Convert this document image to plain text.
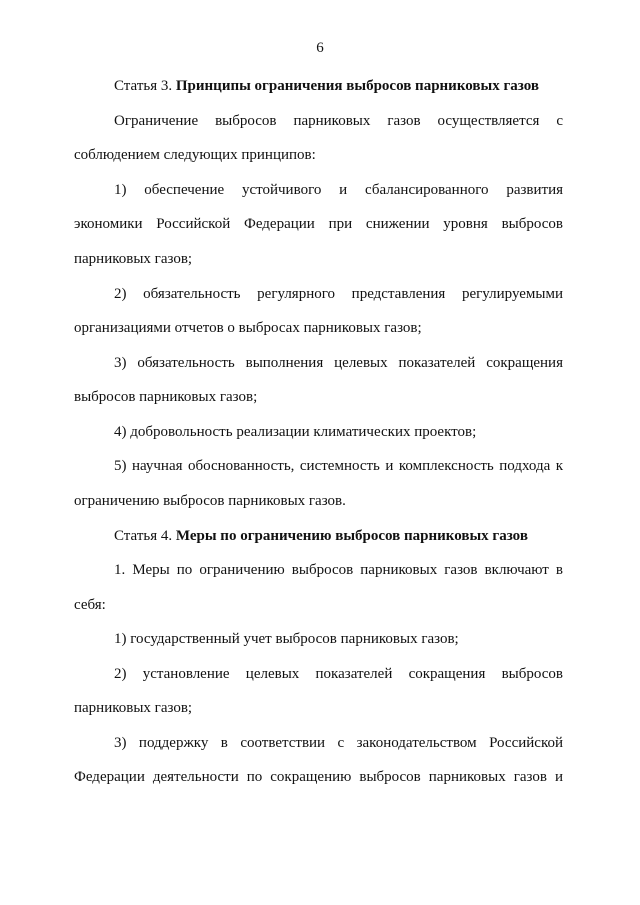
6
Статья 3. Принципы ограничения выбросов парниковых газов
Ограничение выбросов парниковых газов осуществляется с
соблюдением следующих принципов:
1) обеспечение устойчивого и сбалансированного развития
экономики Российской Федерации при снижении уровня выбросов
парниковых газов;
2) обязательность регулярного представления регулируемыми
организациями отчетов о выбросах парниковых газов;
3) обязательность выполнения целевых показателей сокращения
выбросов парниковых газов;
4) добровольность реализации климатических проектов;
5) научная обоснованность, системность и комплексность подхода к
ограничению выбросов парниковых газов.
Статья 4. Меры по ограничению выбросов парниковых газов
1. Меры по ограничению выбросов парниковых газов включают в
себя:
1) государственный учет выбросов парниковых газов;
2) установление целевых показателей сокращения выбросов
парниковых газов;
3) поддержку в соответствии с законодательством Российской
Федерации деятельности по сокращению выбросов парниковых газов и
